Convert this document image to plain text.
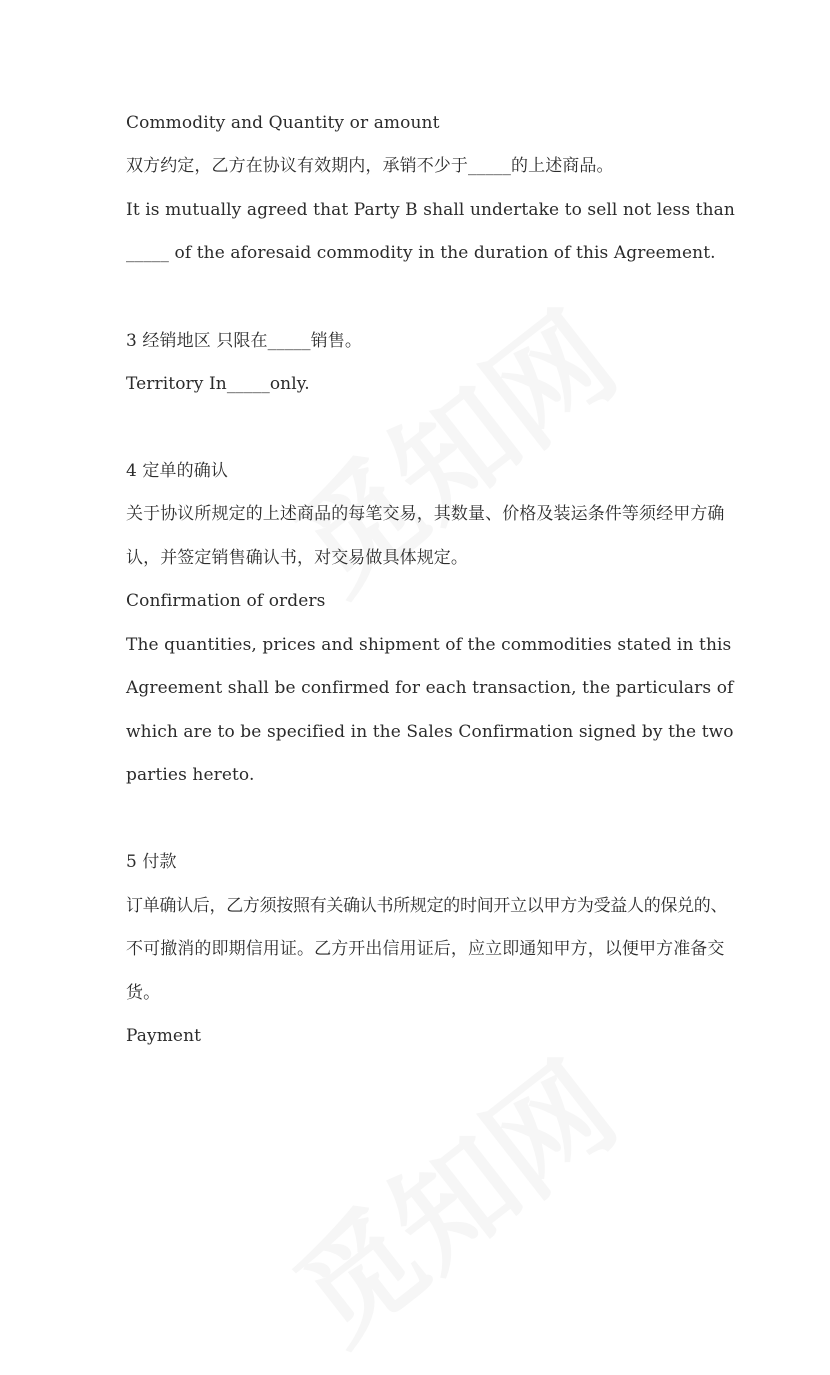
Commodity and Quantity or amount
双方约定，乙方在协议有效期内，承销不少于_____的上述商品。
It is mutually agreed that Party B shall undertake to sell not less than
_____ of the aforesaid commodity in the duration of this Agreement.
3 经销地区 只限在_____销售。
Territory In_____only.
4 定单的确认
关于协议所规定的上述商品的每笔交易，其数量、价格及装运条件等须经甲方确
认，并签定销售确认书，对交易做具体规定。
Confirmation of orders
The quantities, prices and shipment of the commodities stated in this
Agreement shall be confirmed for each transaction, the particulars of
which are to be specified in the Sales Confirmation signed by the two
parties hereto.
5 付款
订单确认后，乙方须按照有关确认书所规定的时间开立以甲方为受益人的保兑的、
不可撤消的即期信用证。乙方开出信用证后，应立即通知甲方，以便甲方准备交
货。
Payment
